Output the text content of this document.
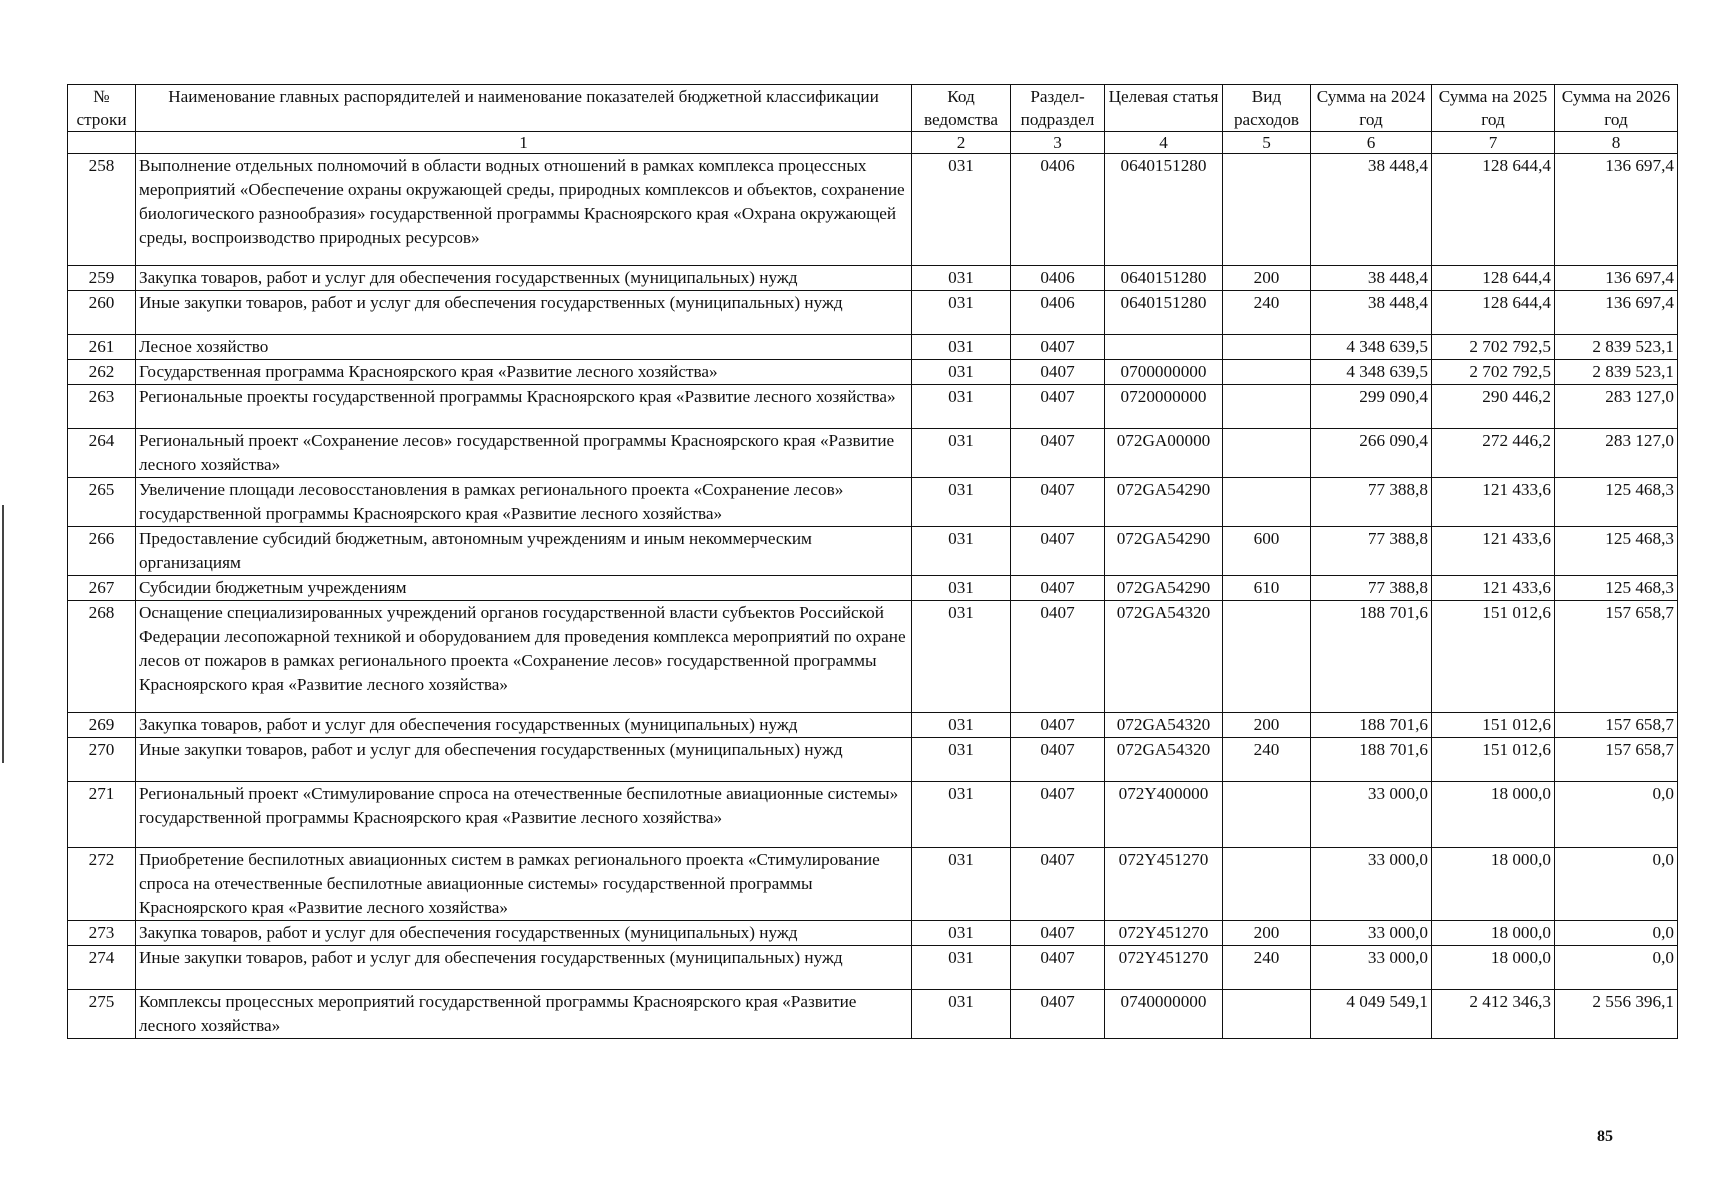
№ строки	Наименование главных распорядителей и наименование показателей бюджетной классификации	Код ведомства	Раздел-подраздел	Целевая статья	Вид расходов	Сумма на 2024 год	Сумма на 2025 год	Сумма на 2026 год
	1	2	3	4	5	6	7	8
258	Выполнение отдельных полномочий в области водных отношений в рамках комплекса процессных мероприятий «Обеспечение охраны окружающей среды, природных комплексов и объектов, сохранение биологического разнообразия» государственной программы Красноярского края «Охрана окружающей среды, воспроизводство природных ресурсов»	031	0406	0640151280		38 448,4	128 644,4	136 697,4
259	Закупка товаров, работ и услуг для обеспечения государственных (муниципальных) нужд	031	0406	0640151280	200	38 448,4	128 644,4	136 697,4
260	Иные закупки товаров, работ и услуг для обеспечения государственных (муниципальных) нужд	031	0406	0640151280	240	38 448,4	128 644,4	136 697,4
261	Лесное хозяйство	031	0407			4 348 639,5	2 702 792,5	2 839 523,1
262	Государственная программа Красноярского края «Развитие лесного хозяйства»	031	0407	0700000000		4 348 639,5	2 702 792,5	2 839 523,1
263	Региональные проекты государственной программы Красноярского края «Развитие лесного хозяйства»	031	0407	0720000000		299 090,4	290 446,2	283 127,0
264	Региональный проект «Сохранение лесов» государственной программы Красноярского края «Развитие лесного хозяйства»	031	0407	072GA00000		266 090,4	272 446,2	283 127,0
265	Увеличение площади лесовосстановления в рамках регионального проекта «Сохранение лесов» государственной программы Красноярского края «Развитие лесного хозяйства»	031	0407	072GA54290		77 388,8	121 433,6	125 468,3
266	Предоставление субсидий бюджетным, автономным учреждениям и иным некоммерческим организациям	031	0407	072GA54290	600	77 388,8	121 433,6	125 468,3
267	Субсидии бюджетным учреждениям	031	0407	072GA54290	610	77 388,8	121 433,6	125 468,3
268	Оснащение специализированных учреждений органов государственной власти субъектов Российской Федерации лесопожарной техникой и оборудованием для проведения комплекса мероприятий по охране лесов от пожаров в рамках регионального проекта «Сохранение лесов» государственной программы Красноярского края «Развитие лесного хозяйства»	031	0407	072GA54320		188 701,6	151 012,6	157 658,7
269	Закупка товаров, работ и услуг для обеспечения государственных (муниципальных) нужд	031	0407	072GA54320	200	188 701,6	151 012,6	157 658,7
270	Иные закупки товаров, работ и услуг для обеспечения государственных (муниципальных) нужд	031	0407	072GA54320	240	188 701,6	151 012,6	157 658,7
271	Региональный проект «Стимулирование спроса на отечественные беспилотные авиационные системы» государственной программы Красноярского края «Развитие лесного хозяйства»	031	0407	072Y400000		33 000,0	18 000,0	0,0
272	Приобретение беспилотных авиационных систем в рамках регионального проекта «Стимулирование спроса на отечественные беспилотные авиационные системы» государственной программы Красноярского края «Развитие лесного хозяйства»	031	0407	072Y451270		33 000,0	18 000,0	0,0
273	Закупка товаров, работ и услуг для обеспечения государственных (муниципальных) нужд	031	0407	072Y451270	200	33 000,0	18 000,0	0,0
274	Иные закупки товаров, работ и услуг для обеспечения государственных (муниципальных) нужд	031	0407	072Y451270	240	33 000,0	18 000,0	0,0
275	Комплексы процессных мероприятий государственной программы Красноярского края «Развитие лесного хозяйства»	031	0407	0740000000		4 049 549,1	2 412 346,3	2 556 396,1
85
